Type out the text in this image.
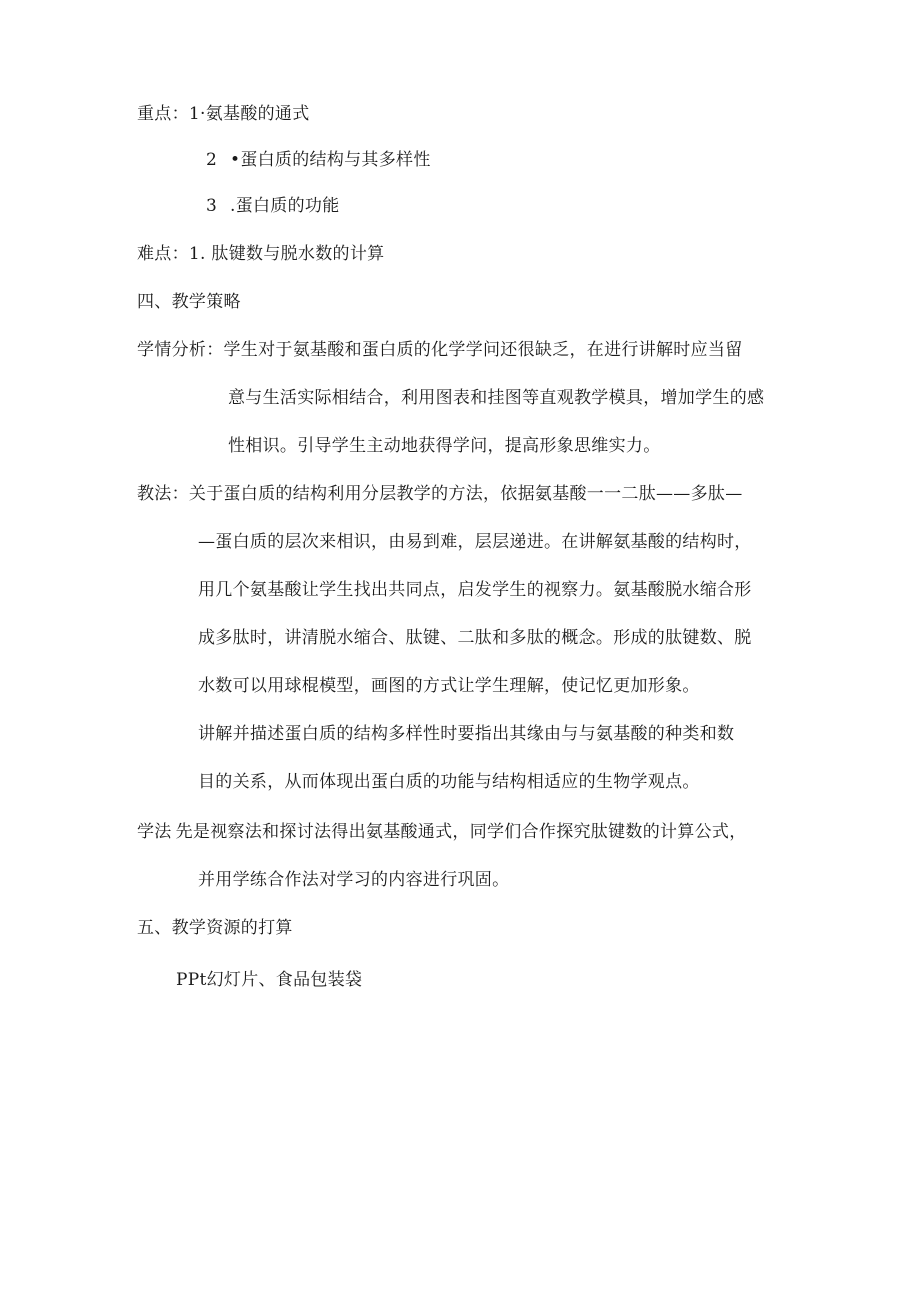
重点：1·氨基酸的通式
2 •蛋白质的结构与其多样性
3 .蛋白质的功能
难点：1. 肽键数与脱水数的计算
四、教学策略
学情分析：学生对于氨基酸和蛋白质的化学学问还很缺乏，在进行讲解时应当留
意与生活实际相结合，利用图表和挂图等直观教学模具，增加学生的感
性相识。引导学生主动地获得学问，提高形象思维实力。
教法：关于蛋白质的结构利用分层教学的方法，依据氨基酸一一二肽——多肽—
—蛋白质的层次来相识，由易到难，层层递进。在讲解氨基酸的结构时，
用几个氨基酸让学生找出共同点，启发学生的视察力。氨基酸脱水缩合形
成多肽时，讲清脱水缩合、肽键、二肽和多肽的概念。形成的肽键数、脱
水数可以用球棍模型，画图的方式让学生理解，使记忆更加形象。
讲解并描述蛋白质的结构多样性时要指出其缘由与与氨基酸的种类和数
目的关系，从而体现出蛋白质的功能与结构相适应的生物学观点。
学法 先是视察法和探讨法得出氨基酸通式，同学们合作探究肽键数的计算公式，
并用学练合作法对学习的内容进行巩固。
五、教学资源的打算
PPt幻灯片、食品包装袋
